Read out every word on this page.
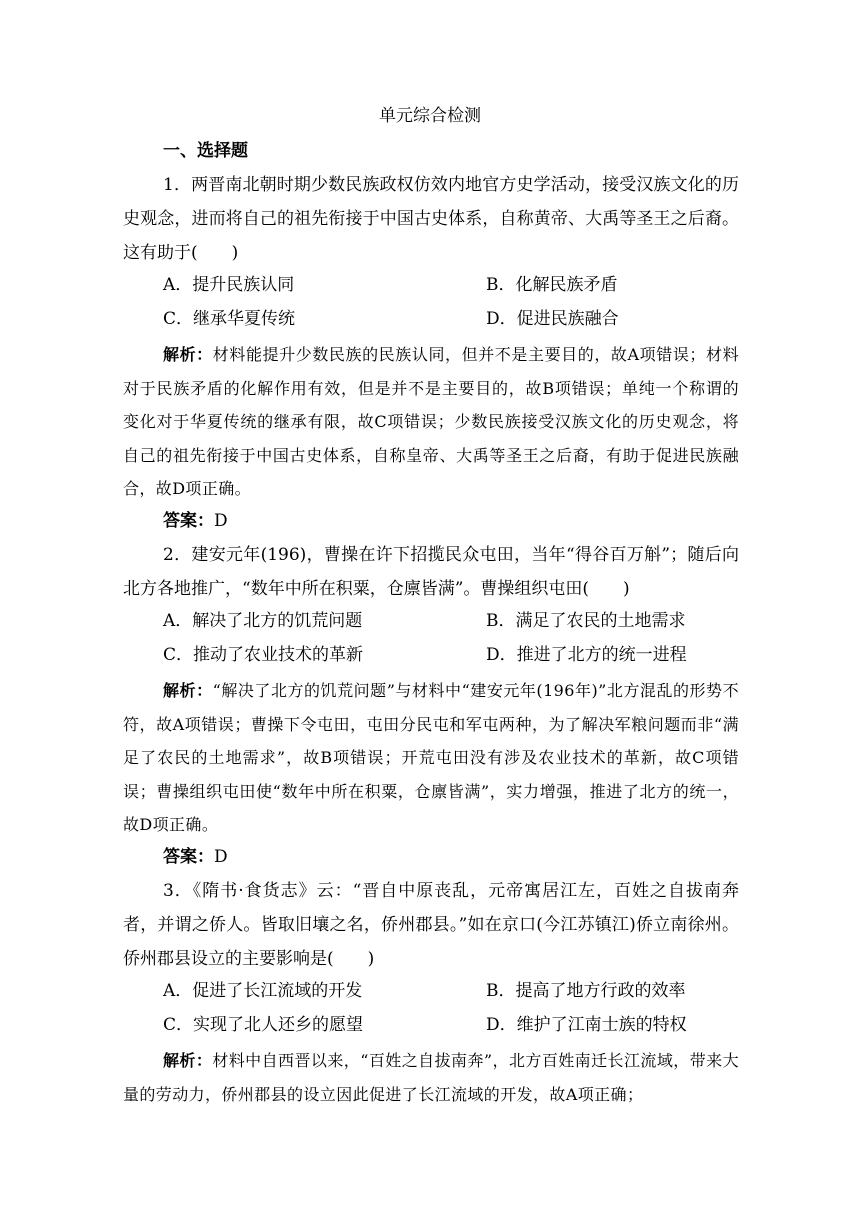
单元综合检测
一、选择题
1．两晋南北朝时期少数民族政权仿效内地官方史学活动，接受汉族文化的历史观念，进而将自己的祖先衔接于中国古史体系，自称黄帝、大禹等圣王之后裔。这有助于(　　)
A．提升民族认同	B．化解民族矛盾
C．继承华夏传统	D．促进民族融合
解析：材料能提升少数民族的民族认同，但并不是主要目的，故A项错误；材料对于民族矛盾的化解作用有效，但是并不是主要目的，故B项错误；单纯一个称谓的变化对于华夏传统的继承有限，故C项错误；少数民族接受汉族文化的历史观念，将自己的祖先衔接于中国古史体系，自称皇帝、大禹等圣王之后裔，有助于促进民族融合，故D项正确。
答案：D
2．建安元年(196)，曹操在许下招揽民众屯田，当年“得谷百万斛”；随后向北方各地推广，“数年中所在积粟，仓廪皆满”。曹操组织屯田(　　)
A．解决了北方的饥荒问题	B．满足了农民的土地需求
C．推动了农业技术的革新	D．推进了北方的统一进程
解析：“解决了北方的饥荒问题”与材料中“建安元年(196年)”北方混乱的形势不符，故A项错误；曹操下令屯田，屯田分民屯和军屯两种，为了解决军粮问题而非“满足了农民的土地需求”，故B项错误；开荒屯田没有涉及农业技术的革新，故C项错误；曹操组织屯田使“数年中所在积粟，仓廪皆满”，实力增强，推进了北方的统一，故D项正确。
答案：D
3．《隋书·食货志》云：“晋自中原丧乱，元帝寓居江左，百姓之自拔南奔者，并谓之侨人。皆取旧壤之名，侨州郡县。”如在京口(今江苏镇江)侨立南徐州。侨州郡县设立的主要影响是(　　)
A．促进了长江流域的开发	B．提高了地方行政的效率
C．实现了北人还乡的愿望	D．维护了江南士族的特权
解析：材料中自西晋以来，“百姓之自拔南奔”，北方百姓南迁长江流域，带来大量的劳动力，侨州郡县的设立因此促进了长江流域的开发，故A项正确；
